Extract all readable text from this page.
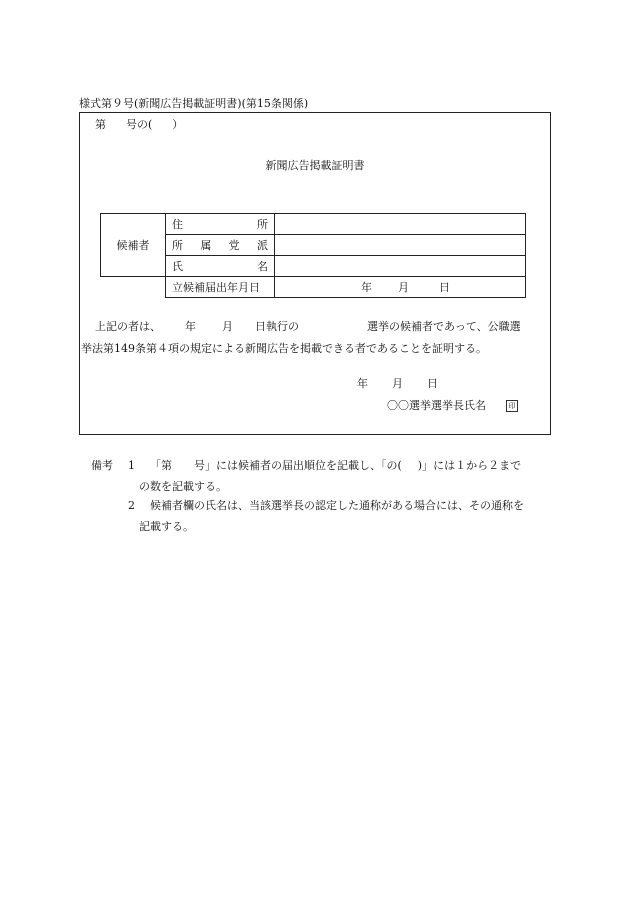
様式第９号(新聞広告掲載証明書)(第15条関係)
第 号の( ）
新聞広告掲載証明書
候補者	住 所	

	所 属 党 派	

	氏 名	

	立候補届出年月日	年 月 日
上記の者は、 年 月 日執行の	選挙の候補者であって、公職選
挙法第149条第４項の規定による新聞広告を掲載できる者であることを証明する。
年 月 日
〇〇選挙選挙長氏名	印
備考 1 「第 号」には候補者の届出順位を記載し、「の( )」には１から２まで
の数を記載する。
2 候補者欄の氏名は、当該選挙長の認定した通称がある場合には、その通称を
記載する。
